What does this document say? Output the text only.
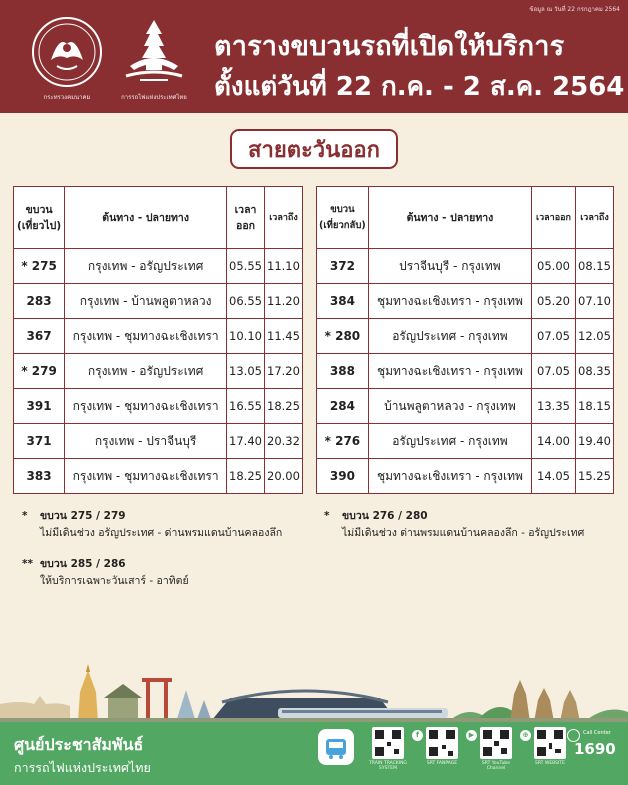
ข้อมูล ณ วันที่ 22 กรกฎาคม 2564
กระทรวงคมนาคม	การรถไฟแห่งประเทศไทย
ตารางขบวนรถที่เปิดให้บริการ
ตั้งแต่วันที่ 22 ก.ค. - 2 ส.ค. 2564
สายตะวันออก
ขบวน
(เที่ยวไป)	ต้นทาง - ปลายทาง	เวลา
ออก	เวลาถึง
* 275	กรุงเทพ - อรัญประเทศ	05.55	11.10
283	กรุงเทพ - บ้านพลูตาหลวง	06.55	11.20
367	กรุงเทพ - ชุมทางฉะเชิงเทรา	10.10	11.45
* 279	กรุงเทพ - อรัญประเทศ	13.05	17.20
391	กรุงเทพ - ชุมทางฉะเชิงเทรา	16.55	18.25
371	กรุงเทพ - ปราจีนบุรี	17.40	20.32
383	กรุงเทพ - ชุมทางฉะเชิงเทรา	18.25	20.00
ขบวน
(เที่ยวกลับ)	ต้นทาง - ปลายทาง	เวลาออก	เวลาถึง
372	ปราจีนบุรี - กรุงเทพ	05.00	08.15
384	ชุมทางฉะเชิงเทรา - กรุงเทพ	05.20	07.10
* 280	อรัญประเทศ - กรุงเทพ	07.05	12.05
388	ชุมทางฉะเชิงเทรา - กรุงเทพ	07.05	08.35
284	บ้านพลูตาหลวง - กรุงเทพ	13.35	18.15
* 276	อรัญประเทศ - กรุงเทพ	14.00	19.40
390	ชุมทางฉะเชิงเทรา - กรุงเทพ	14.05	15.25
*	ขบวน 275 / 279
ไม่มีเดินช่วง อรัญประเทศ - ด่านพรมแดนบ้านคลองลึก
*	ขบวน 276 / 280
ไม่มีเดินช่วง ด่านพรมแดนบ้านคลองลึก - อรัญประเทศ
** ขบวน 285 / 286
ให้บริการเฉพาะวันเสาร์ - อาทิตย์
ศูนย์ประชาสัมพันธ์
การรถไฟแห่งประเทศไทย	TRAIN TRACKING SYSTEM
f
SRT FANPAGE
▶
SRT YouTube Channel
⊕
SRT WEBSITE
Call Center
1690
